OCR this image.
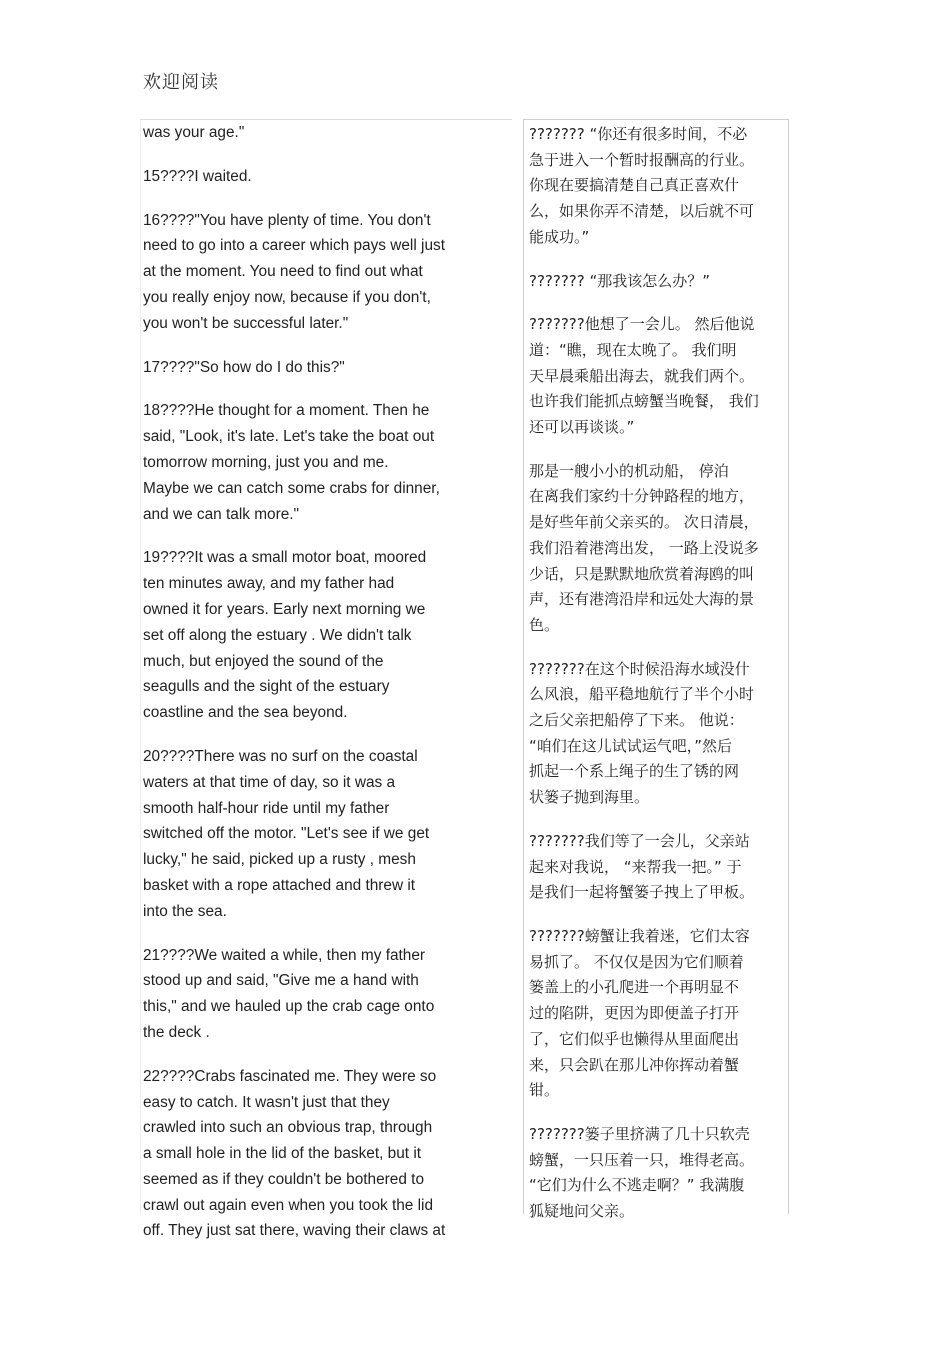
欢迎阅读

was your age."

15????I waited.

16????"You have plenty of time. You don't
need to go into a career which pays well just
at the moment. You need to find out what
you really enjoy now, because if you don't,
you won't be successful later."

17????"So how do I do this?"

18????He thought for a moment. Then he
said, "Look, it's late. Let's take the boat out
tomorrow morning, just you and me.
Maybe we can catch some crabs for dinner,
and we can talk more."

19????It was a small motor boat, moored
ten minutes away, and my father had
owned it for years. Early next morning we
set off along the estuary . We didn't talk
much, but enjoyed the sound of the
seagulls and the sight of the estuary
coastline and the sea beyond.

20????There was no surf on the coastal
waters at that time of day, so it was a
smooth half-hour ride until my father
switched off the motor. "Let's see if we get
lucky," he said, picked up a rusty , mesh
basket with a rope attached and threw it
into the sea.

21????We waited a while, then my father
stood up and said, "Give me a hand with
this," and we hauled up the crab cage onto
the deck .

22????Crabs fascinated me. They were so
easy to catch. It wasn't just that they
crawled into such an obvious trap, through
a small hole in the lid of the basket, but it
seemed as if they couldn't be bothered to
crawl out again even when you took the lid
off. They just sat there, waving their claws at

??????? “你还有很多时间，不必
急于进入一个暂时报酬高的行业。
你现在要搞清楚自己真正喜欢什
么，如果你弄不清楚，以后就不可
能成功。”

??????? “那我该怎么办？”

???????他想了一会儿。 然后他说
道：“瞧，现在太晚了。 我们明
天早晨乘船出海去，就我们两个。
也许我们能抓点螃蟹当晚餐， 我们
还可以再谈谈。”

那是一艘小小的机动船， 停泊
在离我们家约十分钟路程的地方，
是好些年前父亲买的。 次日清晨，
我们沿着港湾出发， 一路上没说多
少话，只是默默地欣赏着海鸥的叫
声，还有港湾沿岸和远处大海的景
色。

???????在这个时候沿海水域没什
么风浪，船平稳地航行了半个小时
之后父亲把船停了下来。 他说：
“咱们在这儿试试运气吧，”然后
抓起一个系上绳子的生了锈的网
状篓子抛到海里。

???????我们等了一会儿，父亲站
起来对我说， “来帮我一把。” 于
是我们一起将蟹篓子拽上了甲板。

???????螃蟹让我着迷，它们太容
易抓了。 不仅仅是因为它们顺着
篓盖上的小孔爬进一个再明显不
过的陷阱，更因为即便盖子打开
了，它们似乎也懒得从里面爬出
来，只会趴在那儿冲你挥动着蟹
钳。

???????篓子里挤满了几十只软壳
螃蟹，一只压着一只，堆得老高。
“它们为什么不逃走啊？” 我满腹
狐疑地问父亲。
